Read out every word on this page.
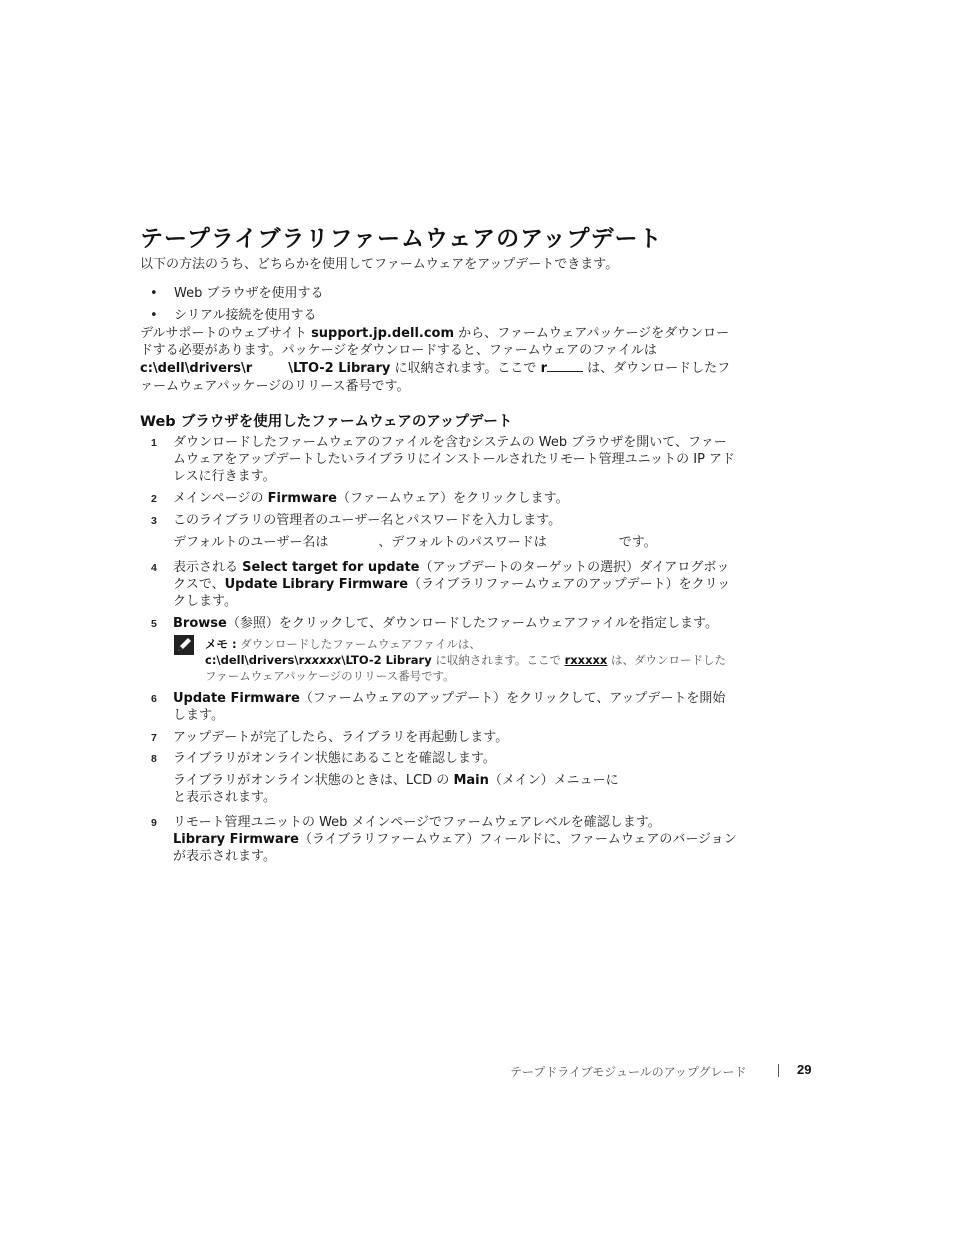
テープライブラリファームウェアのアップデート
以下の方法のうち、どちらかを使用してファームウェアをアップデートできます。
• Web ブラウザを使用する
• シリアル接続を使用する
デルサポートのウェブサイト support.jp.dell.com から、ファームウェアパッケージをダウンロードする必要があります。パッケージをダウンロードすると、ファームウェアのファイルは c:\dell\drivers\r	\LTO-2 Library に収納されます。ここで r	は、ダウンロードしたファームウェアパッケージのリリース番号です。
Web ブラウザを使用したファームウェアのアップデート
1 ダウンロードしたファームウェアのファイルを含むシステムの Web ブラウザを開いて、ファームウェアをアップデートしたいライブラリにインストールされたリモート管理ユニットの IP アドレスに行きます。
2 メインページの Firmware（ファームウェア）をクリックします。
3 このライブラリの管理者のユーザー名とパスワードを入力します。
デフォルトのユーザー名は	、デフォルトのパスワードは	です。
4 表示される Select target for update（アップデートのターゲットの選択）ダイアログボックスで、Update Library Firmware（ライブラリファームウェアのアップデート）をクリックします。
5 Browse（参照）をクリックして、ダウンロードしたファームウェアファイルを指定します。
メモ : ダウンロードしたファームウェアファイルは、
c:\dell\drivers\rxxxxx\LTO-2 Library に収納されます。ここで rxxxxx は、ダウンロードしたファームウェアパッケージのリリース番号です。
6 Update Firmware（ファームウェアのアップデート）をクリックして、アップデートを開始します。
7 アップデートが完了したら、ライブラリを再起動します。
8 ライブラリがオンライン状態にあることを確認します。
ライブラリがオンライン状態のときは、LCD の Main（メイン）メニューに
と表示されます。
9 リモート管理ユニットの Web メインページでファームウェアレベルを確認します。
Library Firmware（ライブラリファームウェア）フィールドに、ファームウェアのバージョンが表示されます。
テープドライブモジュールのアップグレード	29
